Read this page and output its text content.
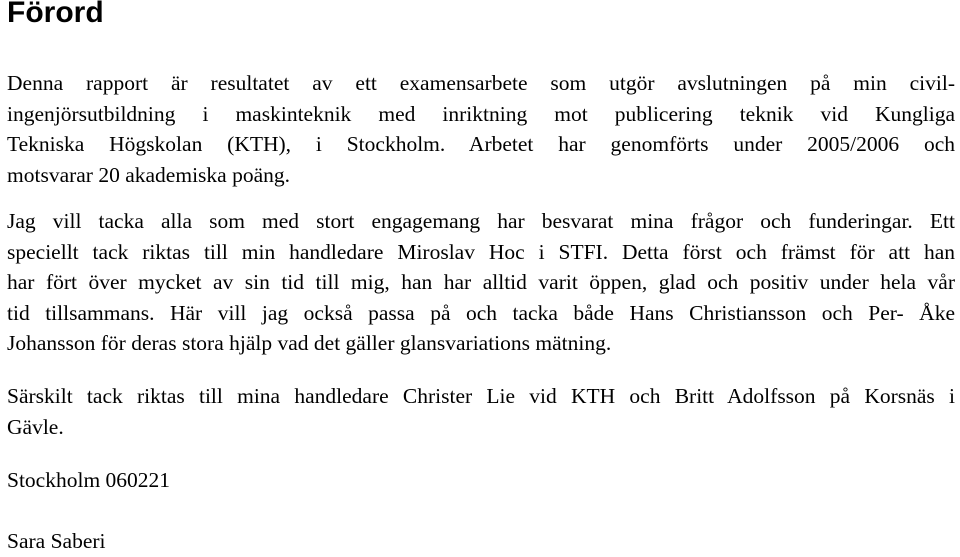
Förord

Denna rapport är resultatet av ett examensarbete som utgör avslutningen på min civil-
ingenjörsutbildning i maskinteknik med inriktning mot publicering teknik vid Kungliga
Tekniska Högskolan (KTH), i Stockholm. Arbetet har genomförts under 2005/2006 och
motsvarar 20 akademiska poäng.

Jag vill tacka alla som med stort engagemang har besvarat mina frågor och funderingar. Ett
speciellt tack riktas till min handledare Miroslav Hoc i STFI. Detta först och främst för att han
har fört över mycket av sin tid till mig, han har alltid varit öppen, glad och positiv under hela vår
tid tillsammans. Här vill jag också passa på och tacka både Hans Christiansson och Per- Åke
Johansson för deras stora hjälp vad det gäller glansvariations mätning.

Särskilt tack riktas till mina handledare Christer Lie vid KTH och Britt Adolfsson på Korsnäs i
Gävle.

Stockholm 060221

Sara Saberi
